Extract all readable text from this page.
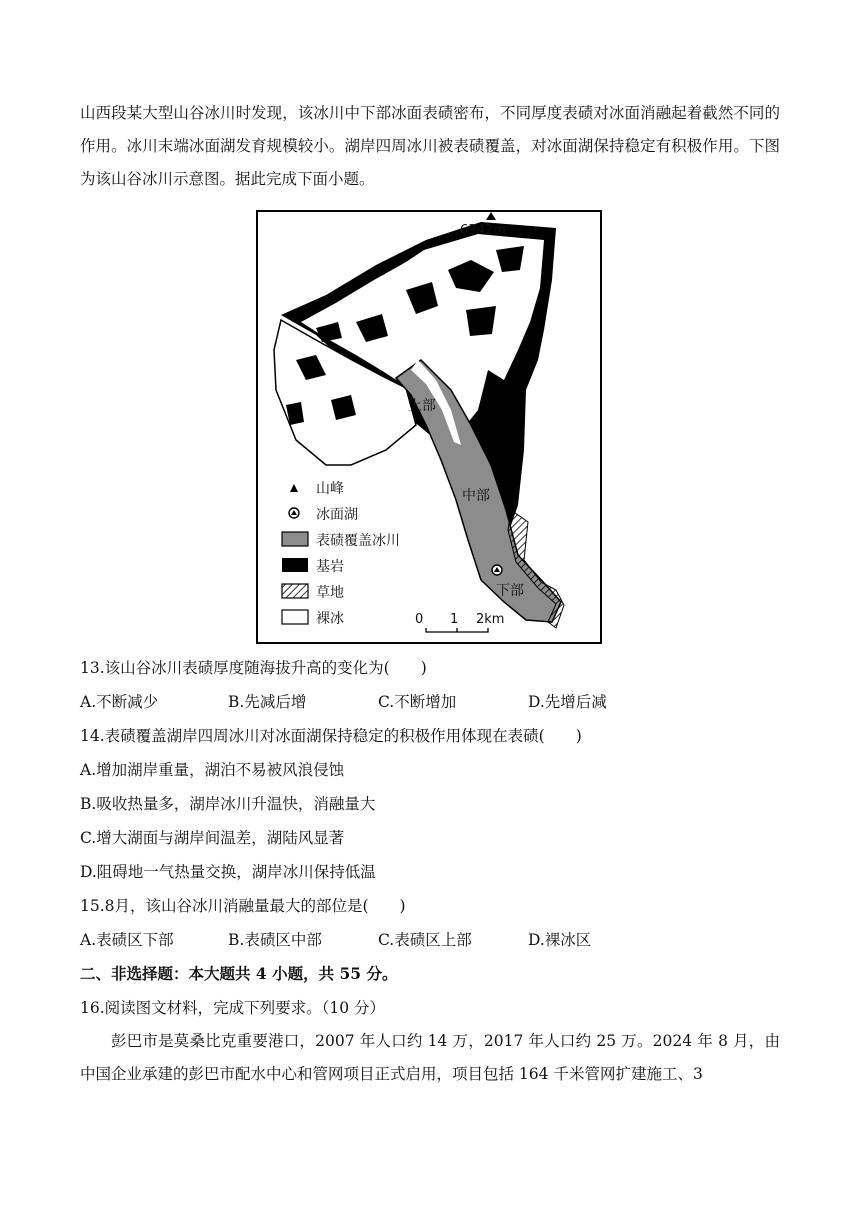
山西段某大型山谷冰川时发现，该冰川中下部冰面表碛密布，不同厚度表碛对冰面消融起着截然不同的作用。冰川末端冰面湖发育规模较小。湖岸四周冰川被表碛覆盖，对冰面湖保持稳定有积极作用。下图为该山谷冰川示意图。据此完成下面小题。
6342m
上部
中部
下部
山峰
冰面湖
表碛覆盖冰川
基岩
草地
裸冰	0 1 2km
13.该山谷冰川表碛厚度随海拔升高的变化为(　　)
A.不断减少	B.先减后增	C.不断增加	D.先增后减
14.表碛覆盖湖岸四周冰川对冰面湖保持稳定的积极作用体现在表碛(　　)
A.增加湖岸重量，湖泊不易被风浪侵蚀
B.吸收热量多，湖岸冰川升温快，消融量大
C.增大湖面与湖岸间温差，湖陆风显著
D.阻碍地一气热量交换，湖岸冰川保持低温
15.8月，该山谷冰川消融量最大的部位是(　　)
A.表碛区下部	B.表碛区中部	C.表碛区上部	D.裸冰区
二、非选择题：本大题共 4 小题，共 55 分。
16.阅读图文材料，完成下列要求。（10 分）
彭巴市是莫桑比克重要港口，2007 年人口约 14 万，2017 年人口约 25 万。2024 年 8 月，由中国企业承建的彭巴市配水中心和管网项目正式启用，项目包括 164 千米管网扩建施工、3
